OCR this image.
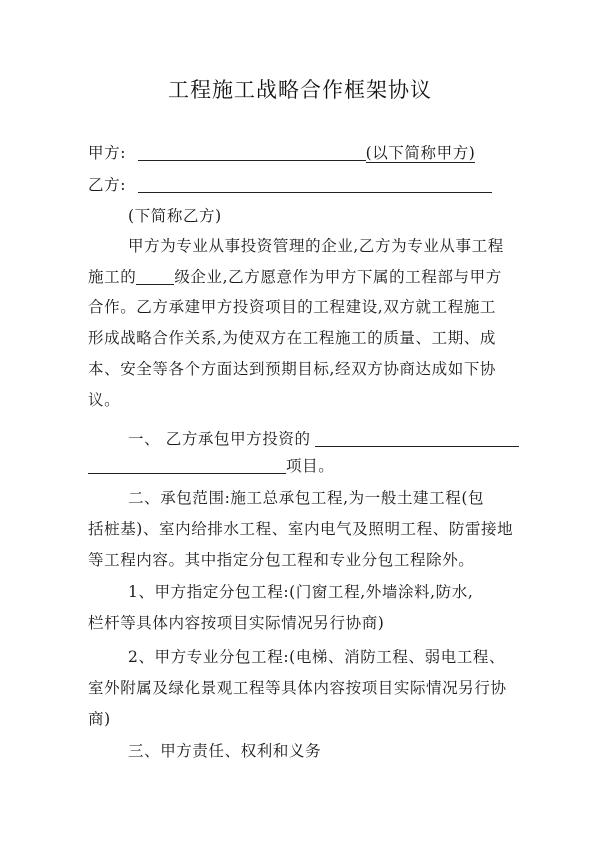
工程施工战略合作框架协议
甲方:	(以下简称甲方)
乙方:
(下简称乙方)
甲方为专业从事投资管理的企业,乙方为专业从事工程
施工的 级企业,乙方愿意作为甲方下属的工程部与甲方
合作。乙方承建甲方投资项目的工程建设,双方就工程施工
形成战略合作关系,为使双方在工程施工的质量、工期、成
本、安全等各个方面达到预期目标,经双方协商达成如下协
议。
一、 乙方承包甲方投资的
项目。
二、承包范围:施工总承包工程,为一般土建工程(包
括桩基)、室内给排水工程、室内电气及照明工程、防雷接地
等工程内容。其中指定分包工程和专业分包工程除外。
1、甲方指定分包工程:(门窗工程,外墙涂料,防水,
栏杆等具体内容按项目实际情况另行协商)
2、甲方专业分包工程:(电梯、消防工程、弱电工程、
室外附属及绿化景观工程等具体内容按项目实际情况另行协
商)
三、甲方责任、权利和义务
